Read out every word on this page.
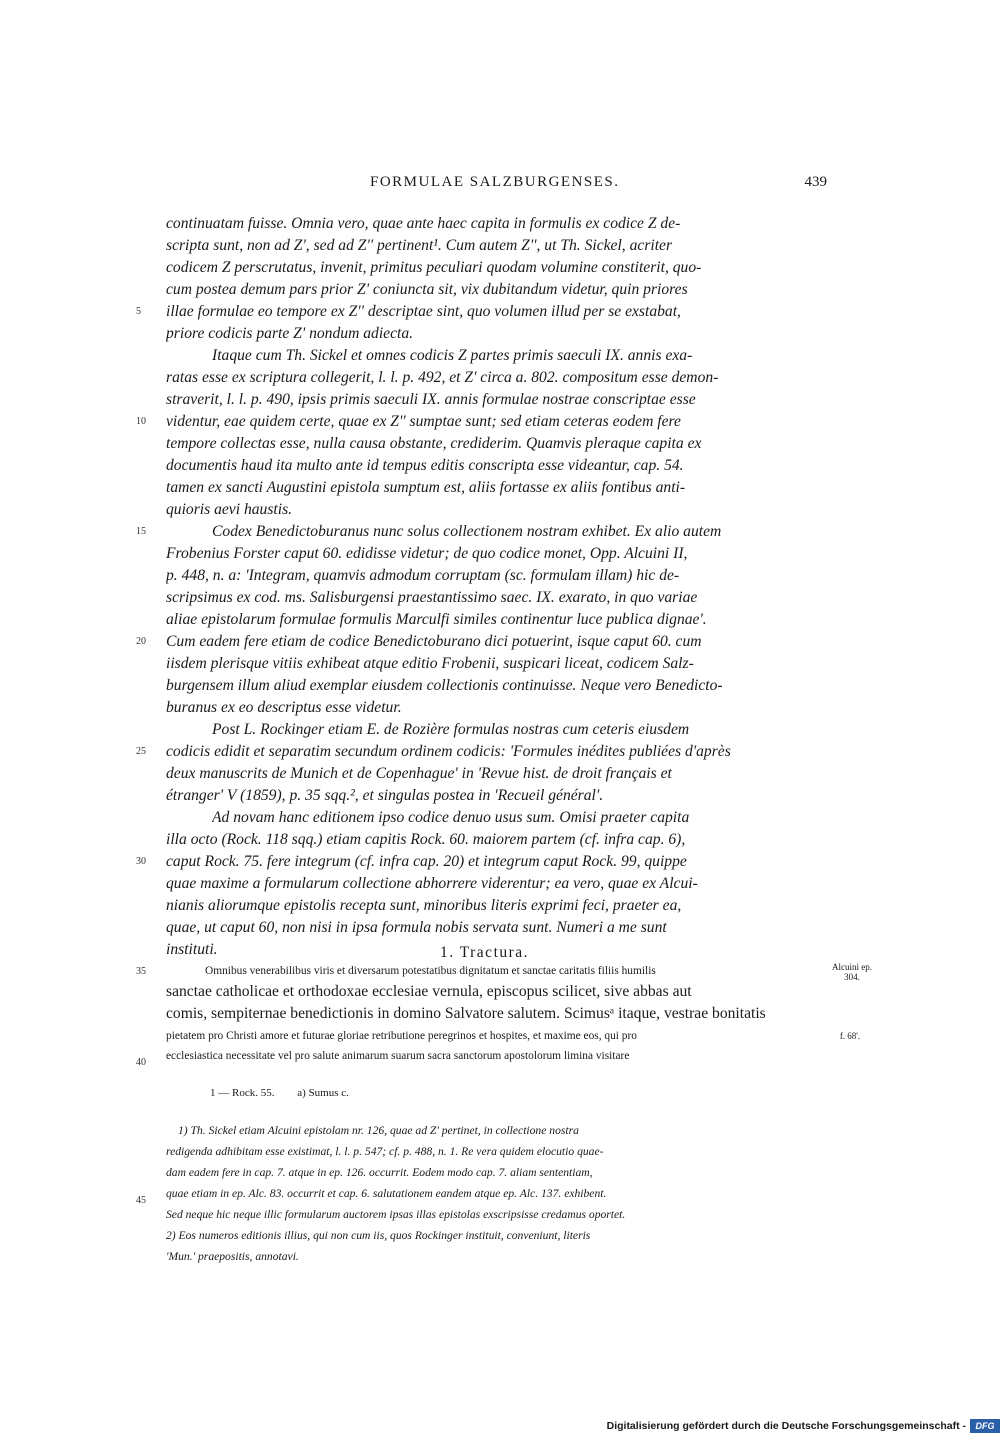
FORMULAE SALZBURGENSES.	439
continuatam fuisse. Omnia vero, quae ante haec capita in formulis ex codice Z de-
scripta sunt, non ad Z', sed ad Z'' pertinent¹. Cum autem Z'', ut Th. Sickel, acriter
codicem Z perscrutatus, invenit, primitus peculiari quodam volumine constiterit, quo-
cum postea demum pars prior Z' coniuncta sit, vix dubitandum videtur, quin priores
illae formulae eo tempore ex Z'' descriptae sint, quo volumen illud per se exstabat,
priore codicis parte Z' nondum adiecta.
Itaque cum Th. Sickel et omnes codicis Z partes primis saeculi IX. annis exa-
ratas esse ex scriptura collegerit, l. l. p. 492, et Z' circa a. 802. compositum esse demon-
straverit, l. l. p. 490, ipsis primis saeculi IX. annis formulae nostrae conscriptae esse
videntur, eae quidem certe, quae ex Z'' sumptae sunt; sed etiam ceteras eodem fere
tempore collectas esse, nulla causa obstante, crediderim. Quamvis pleraque capita ex
documentis haud ita multo ante id tempus editis conscripta esse videantur, cap. 54.
tamen ex sancti Augustini epistola sumptum est, aliis fortasse ex aliis fontibus anti-
quioris aevi haustis.
Codex Benedictoburanus nunc solus collectionem nostram exhibet. Ex alio autem
Frobenius Forster caput 60. edidisse videtur; de quo codice monet, Opp. Alcuini II,
p. 448, n. a: 'Integram, quamvis admodum corruptam (sc. formulam illam) hic de-
scripsimus ex cod. ms. Salisburgensi praestantissimo saec. IX. exarato, in quo variae
aliae epistolarum formulae formulis Marculfi similes continentur luce publica dignae'.
Cum eadem fere etiam de codice Benedictoburano dici potuerint, isque caput 60. cum
iisdem plerisque vitiis exhibeat atque editio Frobenii, suspicari liceat, codicem Salz-
burgensem illum aliud exemplar eiusdem collectionis continuisse. Neque vero Benedicto-
buranus ex eo descriptus esse videtur.
Post L. Rockinger etiam E. de Rozière formulas nostras cum ceteris eiusdem
codicis edidit et separatim secundum ordinem codicis: 'Formules inédites publiées d'après
deux manuscrits de Munich et de Copenhague' in 'Revue hist. de droit français et
étranger' V (1859), p. 35 sqq.², et singulas postea in 'Recueil général'.
Ad novam hanc editionem ipso codice denuo usus sum. Omisi praeter capita
illa octo (Rock. 118 sqq.) etiam capitis Rock. 60. maiorem partem (cf. infra cap. 6),
caput Rock. 75. fere integrum (cf. infra cap. 20) et integrum caput Rock. 99, quippe
quae maxime a formularum collectione abhorrere viderentur; ea vero, quae ex Alcui-
nianis aliorumque epistolis recepta sunt, minoribus literis exprimi feci, praeter ea,
quae, ut caput 60, non nisi in ipsa formula nobis servata sunt. Numeri a me sunt
instituti.
5
10
15
20
25
30
35
40
45
1. Tractura.
Omnibus venerabilibus viris et diversarum potestatibus dignitatum et sanctae caritatis filiis humilis
sanctae catholicae et orthodoxae ecclesiae vernula, episcopus scilicet, sive abbas aut
comis, sempiternae benedictionis in domino Salvatore salutem. Scimusᵃ itaque, vestrae bonitatis
pietatem pro Christi amore et futurae gloriae retributione peregrinos et hospites, et maxime eos, qui pro
ecclesiastica necessitate vel pro salute animarum suarum sacra sanctorum apostolorum limina visitare
Alcuini ep. 304.
f. 68'.
1 — Rock. 55. a) Sumus c.
1) Th. Sickel etiam Alcuini epistolam nr. 126, quae ad Z' pertinet, in collectione nostra
redigenda adhibitam esse existimat, l. l. p. 547; cf. p. 488, n. 1. Re vera quidem elocutio quae-
dam eadem fere in cap. 7. atque in ep. 126. occurrit. Eodem modo cap. 7. aliam sententiam,
quae etiam in ep. Alc. 83. occurrit et cap. 6. salutationem eandem atque ep. Alc. 137. exhibent.
Sed neque hic neque illic formularum auctorem ipsas illas epistolas exscripsisse credamus oportet.
2) Eos numeros editionis illius, qui non cum iis, quos Rockinger instituit, conveniunt, literis
'Mun.' praepositis, annotavi.
Digitalisierung gefördert durch die Deutsche Forschungsgemeinschaft -	DFG
